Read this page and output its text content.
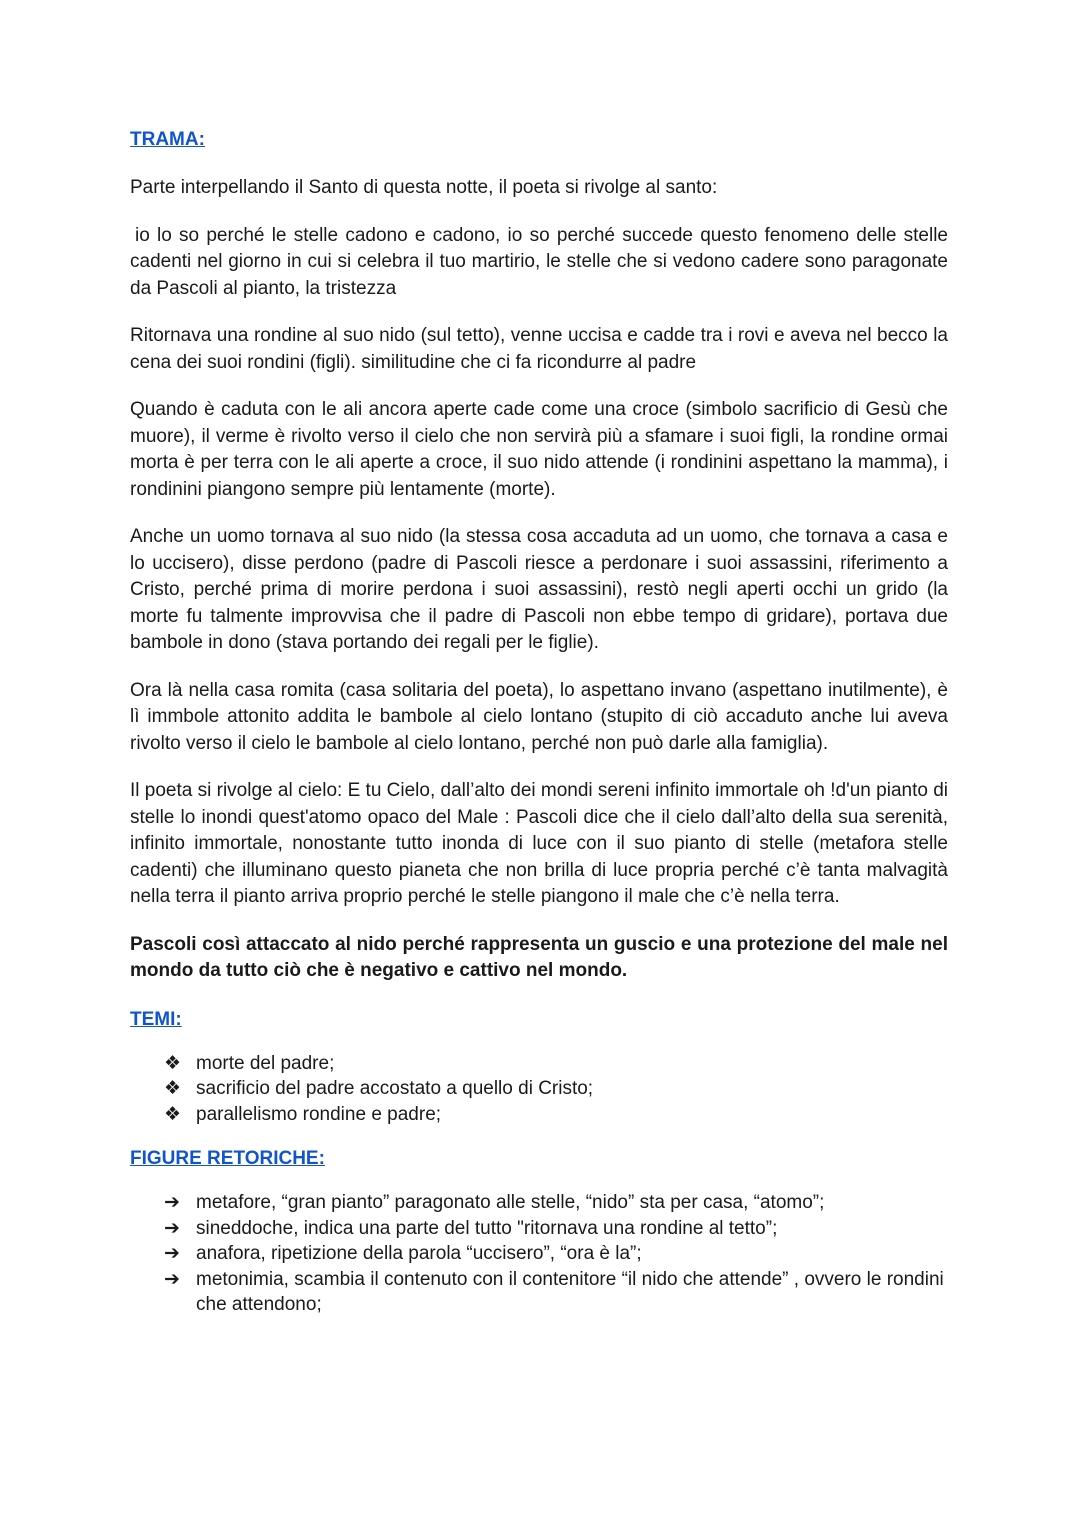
TRAMA:

Parte interpellando il Santo di questa notte, il poeta si rivolge al santo:

io lo so perché le stelle cadono e cadono, io so perché succede questo fenomeno delle stelle cadenti nel giorno in cui si celebra il tuo martirio, le stelle che si vedono cadere sono paragonate da Pascoli al pianto, la tristezza

Ritornava una rondine al suo nido (sul tetto), venne uccisa e cadde tra i rovi e aveva nel becco la cena dei suoi rondini (figli). similitudine che ci fa ricondurre al padre

Quando è caduta con le ali ancora aperte cade come una croce (simbolo sacrificio di Gesù che muore), il verme è rivolto verso il cielo che non servirà più a sfamare i suoi figli, la rondine ormai morta è per terra con le ali aperte a croce, il suo nido attende (i rondinini aspettano la mamma), i rondinini piangono sempre più lentamente (morte).

Anche un uomo tornava al suo nido (la stessa cosa accaduta ad un uomo, che tornava a casa e lo uccisero), disse perdono (padre di Pascoli riesce a perdonare i suoi assassini, riferimento a Cristo, perché prima di morire perdona i suoi assassini), restò negli aperti occhi un grido (la morte fu talmente improvvisa che il padre di Pascoli non ebbe tempo di gridare), portava due bambole in dono (stava portando dei regali per le figlie).

Ora là nella casa romita (casa solitaria del poeta), lo aspettano invano (aspettano inutilmente), è lì immbole attonito addita le bambole al cielo lontano (stupito di ciò accaduto anche lui aveva rivolto verso il cielo le bambole al cielo lontano, perché non può darle alla famiglia).

Il poeta si rivolge al cielo: E tu Cielo, dall’alto dei mondi sereni infinito immortale oh !d'un pianto di stelle lo inondi quest'atomo opaco del Male : Pascoli dice che il cielo dall’alto della sua serenità, infinito immortale, nonostante tutto inonda di luce con il suo pianto di stelle (metafora stelle cadenti) che illuminano questo pianeta che non brilla di luce propria perché c’è tanta malvagità nella terra il pianto arriva proprio perché le stelle piangono il male che c’è nella terra.

Pascoli così attaccato al nido perché rappresenta un guscio e una protezione del male nel mondo da tutto ciò che è negativo e cattivo nel mondo.

TEMI:
❖ morte del padre;
❖ sacrificio del padre accostato a quello di Cristo;
❖ parallelismo rondine e padre;
FIGURE RETORICHE:
➔ metafore, “gran pianto” paragonato alle stelle, “nido” sta per casa, “atomo”;
➔ sineddoche, indica una parte del tutto "ritornava una rondine al tetto”;
➔ anafora, ripetizione della parola “uccisero”, “ora è la”;
➔ metonimia, scambia il contenuto con il contenitore “il nido che attende” , ovvero le rondini che attendono;
